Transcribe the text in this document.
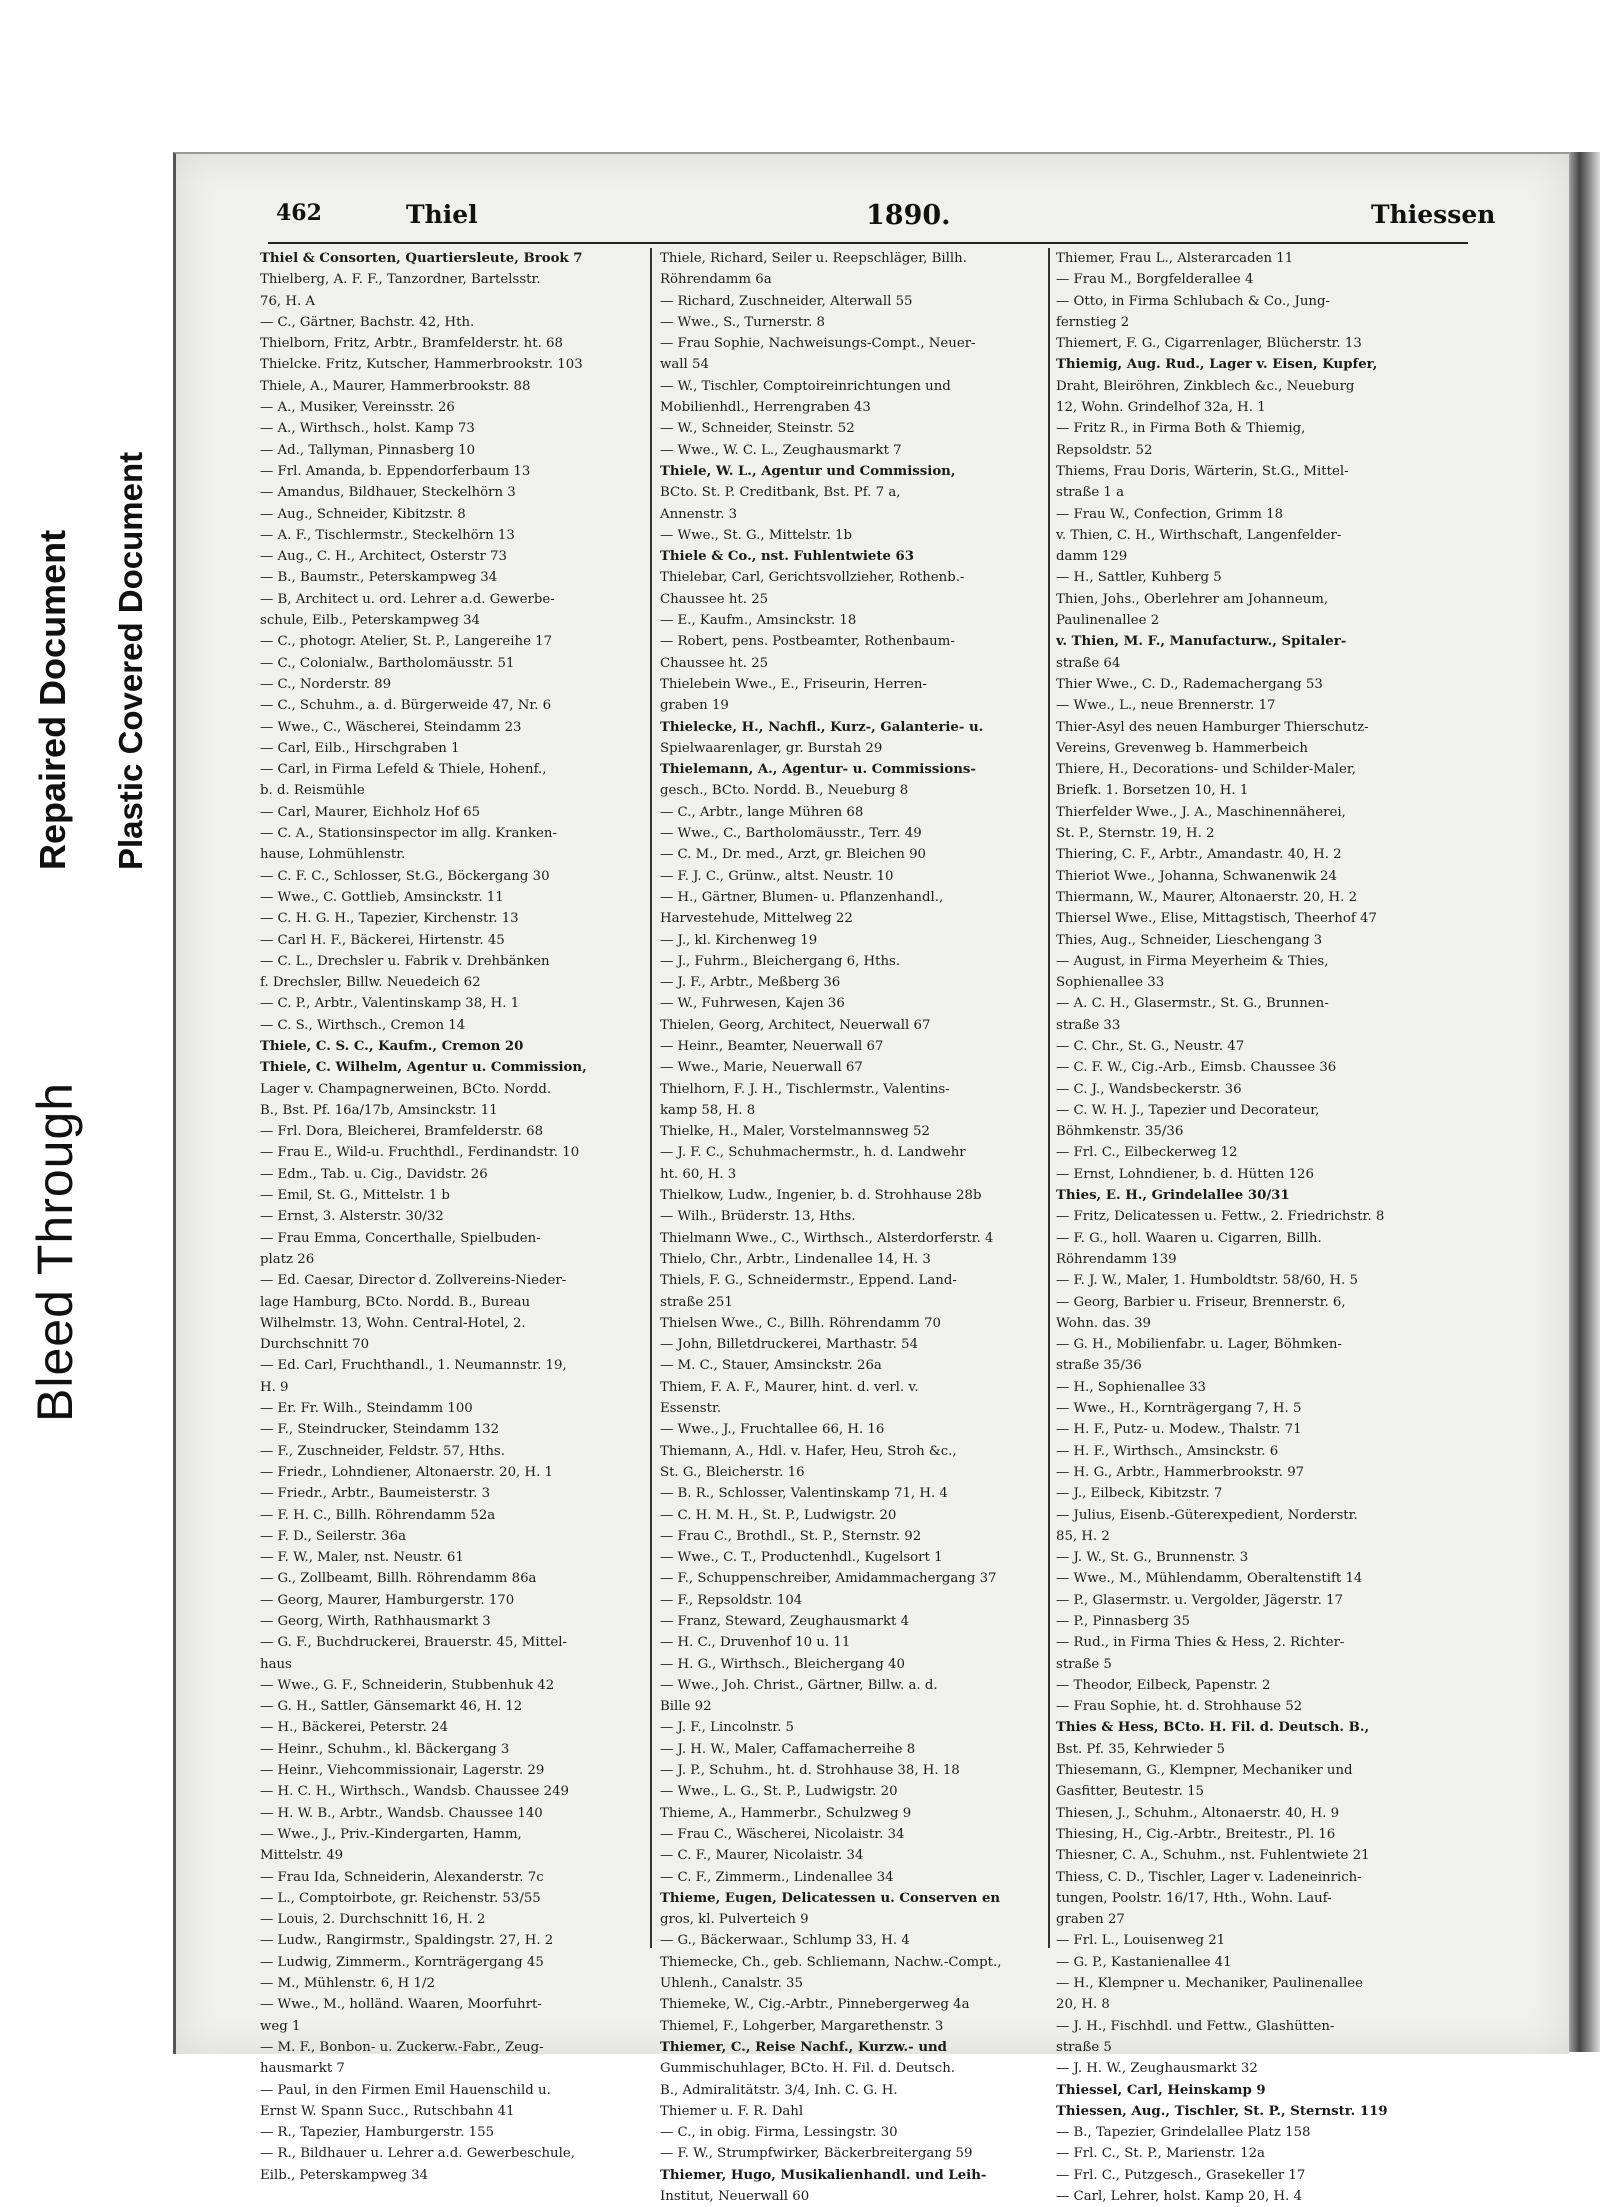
Bleed Through
Repaired Document Plastic Covered Document
462	Thiel	1890.	Thiessen
Thiel & Consorten, Quartiersleute, Brook 7
Thielberg, A. F. F., Tanzordner, Bartelsstr.
76, H. A
— C., Gärtner, Bachstr. 42, Hth.
Thielborn, Fritz, Arbtr., Bramfelderstr. ht. 68
Thielcke. Fritz, Kutscher, Hammerbrookstr. 103
Thiele, A., Maurer, Hammerbrookstr. 88
— A., Musiker, Vereinsstr. 26
— A., Wirthsch., holst. Kamp 73
— Ad., Tallyman, Pinnasberg 10
— Frl. Amanda, b. Eppendorferbaum 13
— Amandus, Bildhauer, Steckelhörn 3
— Aug., Schneider, Kibitzstr. 8
— A. F., Tischlermstr., Steckelhörn 13
— Aug., C. H., Architect, Osterstr 73
— B., Baumstr., Peterskampweg 34
— B, Architect u. ord. Lehrer a.d. Gewerbe-
schule, Eilb., Peterskampweg 34
— C., photogr. Atelier, St. P., Langereihe 17
— C., Colonialw., Bartholomäusstr. 51
— C., Norderstr. 89
— C., Schuhm., a. d. Bürgerweide 47, Nr. 6
— Wwe., C., Wäscherei, Steindamm 23
— Carl, Eilb., Hirschgraben 1
— Carl, in Firma Lefeld & Thiele, Hohenf.,
b. d. Reismühle
— Carl, Maurer, Eichholz Hof 65
— C. A., Stationsinspector im allg. Kranken-
hause, Lohmühlenstr.
— C. F. C., Schlosser, St.G., Böckergang 30
— Wwe., C. Gottlieb, Amsinckstr. 11
— C. H. G. H., Tapezier, Kirchenstr. 13
— Carl H. F., Bäckerei, Hirtenstr. 45
— C. L., Drechsler u. Fabrik v. Drehbänken
f. Drechsler, Billw. Neuedeich 62
— C. P., Arbtr., Valentinskamp 38, H. 1
— C. S., Wirthsch., Cremon 14
Thiele, C. S. C., Kaufm., Cremon 20
Thiele, C. Wilhelm, Agentur u. Commission,
Lager v. Champagnerweinen, BCto. Nordd.
B., Bst. Pf. 16a/17b, Amsinckstr. 11
— Frl. Dora, Bleicherei, Bramfelderstr. 68
— Frau E., Wild-u. Fruchthdl., Ferdinandstr. 10
— Edm., Tab. u. Cig., Davidstr. 26
— Emil, St. G., Mittelstr. 1 b
— Ernst, 3. Alsterstr. 30/32
— Frau Emma, Concerthalle, Spielbuden-
platz 26
— Ed. Caesar, Director d. Zollvereins-Nieder-
lage Hamburg, BCto. Nordd. B., Bureau
Wilhelmstr. 13, Wohn. Central-Hotel, 2.
Durchschnitt 70
— Ed. Carl, Fruchthandl., 1. Neumannstr. 19,
H. 9
— Er. Fr. Wilh., Steindamm 100
— F., Steindrucker, Steindamm 132
— F., Zuschneider, Feldstr. 57, Hths.
— Friedr., Lohndiener, Altonaerstr. 20, H. 1
— Friedr., Arbtr., Baumeisterstr. 3
— F. H. C., Billh. Röhrendamm 52a
— F. D., Seilerstr. 36a
— F. W., Maler, nst. Neustr. 61
— G., Zollbeamt, Billh. Röhrendamm 86a
— Georg, Maurer, Hamburgerstr. 170
— Georg, Wirth, Rathhausmarkt 3
— G. F., Buchdruckerei, Brauerstr. 45, Mittel-
haus
— Wwe., G. F., Schneiderin, Stubbenhuk 42
— G. H., Sattler, Gänsemarkt 46, H. 12
— H., Bäckerei, Peterstr. 24
— Heinr., Schuhm., kl. Bäckergang 3
— Heinr., Viehcommissionair, Lagerstr. 29
— H. C. H., Wirthsch., Wandsb. Chaussee 249
— H. W. B., Arbtr., Wandsb. Chaussee 140
— Wwe., J., Priv.-Kindergarten, Hamm,
Mittelstr. 49
— Frau Ida, Schneiderin, Alexanderstr. 7c
— L., Comptoirbote, gr. Reichenstr. 53/55
— Louis, 2. Durchschnitt 16, H. 2
— Ludw., Rangirmstr., Spaldingstr. 27, H. 2
— Ludwig, Zimmerm., Kornträgergang 45
— M., Mühlenstr. 6, H 1/2
— Wwe., M., holländ. Waaren, Moorfuhrt-
weg 1
— M. F., Bonbon- u. Zuckerw.-Fabr., Zeug-
hausmarkt 7
— Paul, in den Firmen Emil Hauenschild u.
Ernst W. Spann Succ., Rutschbahn 41
— R., Tapezier, Hamburgerstr. 155
— R., Bildhauer u. Lehrer a.d. Gewerbeschule,
Eilb., Peterskampweg 34
Thiele, Richard, Seiler u. Reepschläger, Billh.
Röhrendamm 6a
— Richard, Zuschneider, Alterwall 55
— Wwe., S., Turnerstr. 8
— Frau Sophie, Nachweisungs-Compt., Neuer-
wall 54
— W., Tischler, Comptoireinrichtungen und
Mobilienhdl., Herrengraben 43
— W., Schneider, Steinstr. 52
— Wwe., W. C. L., Zeughausmarkt 7
Thiele, W. L., Agentur und Commission,
BCto. St. P. Creditbank, Bst. Pf. 7 a,
Annenstr. 3
— Wwe., St. G., Mittelstr. 1b
Thiele & Co., nst. Fuhlentwiete 63
Thielebar, Carl, Gerichtsvollzieher, Rothenb.-
Chaussee ht. 25
— E., Kaufm., Amsinckstr. 18
— Robert, pens. Postbeamter, Rothenbaum-
Chaussee ht. 25
Thielebein Wwe., E., Friseurin, Herren-
graben 19
Thielecke, H., Nachfl., Kurz-, Galanterie- u.
Spielwaarenlager, gr. Burstah 29
Thielemann, A., Agentur- u. Commissions-
gesch., BCto. Nordd. B., Neueburg 8
— C., Arbtr., lange Mühren 68
— Wwe., C., Bartholomäusstr., Terr. 49
— C. M., Dr. med., Arzt, gr. Bleichen 90
— F. J. C., Grünw., altst. Neustr. 10
— H., Gärtner, Blumen- u. Pflanzenhandl.,
Harvestehude, Mittelweg 22
— J., kl. Kirchenweg 19
— J., Fuhrm., Bleichergang 6, Hths.
— J. F., Arbtr., Meßberg 36
— W., Fuhrwesen, Kajen 36
Thielen, Georg, Architect, Neuerwall 67
— Heinr., Beamter, Neuerwall 67
— Wwe., Marie, Neuerwall 67
Thielhorn, F. J. H., Tischlermstr., Valentins-
kamp 58, H. 8
Thielke, H., Maler, Vorstelmannsweg 52
— J. F. C., Schuhmachermstr., h. d. Landwehr
ht. 60, H. 3
Thielkow, Ludw., Ingenier, b. d. Strohhause 28b
— Wilh., Brüderstr. 13, Hths.
Thielmann Wwe., C., Wirthsch., Alsterdorferstr. 4
Thielo, Chr., Arbtr., Lindenallee 14, H. 3
Thiels, F. G., Schneidermstr., Eppend. Land-
straße 251
Thielsen Wwe., C., Billh. Röhrendamm 70
— John, Billetdruckerei, Marthastr. 54
— M. C., Stauer, Amsinckstr. 26a
Thiem, F. A. F., Maurer, hint. d. verl. v.
Essenstr.
— Wwe., J., Fruchtallee 66, H. 16
Thiemann, A., Hdl. v. Hafer, Heu, Stroh &c.,
St. G., Bleicherstr. 16
— B. R., Schlosser, Valentinskamp 71, H. 4
— C. H. M. H., St. P., Ludwigstr. 20
— Frau C., Brothdl., St. P., Sternstr. 92
— Wwe., C. T., Productenhdl., Kugelsort 1
— F., Schuppenschreiber, Amidammachergang 37
— F., Repsoldstr. 104
— Franz, Steward, Zeughausmarkt 4
— H. C., Druvenhof 10 u. 11
— H. G., Wirthsch., Bleichergang 40
— Wwe., Joh. Christ., Gärtner, Billw. a. d.
Bille 92
— J. F., Lincolnstr. 5
— J. H. W., Maler, Caffamacherreihe 8
— J. P., Schuhm., ht. d. Strohhause 38, H. 18
— Wwe., L. G., St. P., Ludwigstr. 20
Thieme, A., Hammerbr., Schulzweg 9
— Frau C., Wäscherei, Nicolaistr. 34
— C. F., Maurer, Nicolaistr. 34
— C. F., Zimmerm., Lindenallee 34
Thieme, Eugen, Delicatessen u. Conserven en
gros, kl. Pulverteich 9
— G., Bäckerwaar., Schlump 33, H. 4
Thiemecke, Ch., geb. Schliemann, Nachw.-Compt.,
Uhlenh., Canalstr. 35
Thiemeke, W., Cig.-Arbtr., Pinnebergerweg 4a
Thiemel, F., Lohgerber, Margarethenstr. 3
Thiemer, C., Reise Nachf., Kurzw.- und
Gummischuhlager, BCto. H. Fil. d. Deutsch.
B., Admiralitätstr. 3/4, Inh. C. G. H.
Thiemer u. F. R. Dahl
— C., in obig. Firma, Lessingstr. 30
— F. W., Strumpfwirker, Bäckerbreitergang 59
Thiemer, Hugo, Musikalienhandl. und Leih-
Institut, Neuerwall 60
Thiemer, Frau L., Alsterarcaden 11
— Frau M., Borgfelderallee 4
— Otto, in Firma Schlubach & Co., Jung-
fernstieg 2
Thiemert, F. G., Cigarrenlager, Blücherstr. 13
Thiemig, Aug. Rud., Lager v. Eisen, Kupfer,
Draht, Bleiröhren, Zinkblech &c., Neueburg
12, Wohn. Grindelhof 32a, H. 1
— Fritz R., in Firma Both & Thiemig,
Repsoldstr. 52
Thiems, Frau Doris, Wärterin, St.G., Mittel-
straße 1 a
— Frau W., Confection, Grimm 18
v. Thien, C. H., Wirthschaft, Langenfelder-
damm 129
— H., Sattler, Kuhberg 5
Thien, Johs., Oberlehrer am Johanneum,
Paulinenallee 2
v. Thien, M. F., Manufacturw., Spitaler-
straße 64
Thier Wwe., C. D., Rademachergang 53
— Wwe., L., neue Brennerstr. 17
Thier-Asyl des neuen Hamburger Thierschutz-
Vereins, Grevenweg b. Hammerbeich
Thiere, H., Decorations- und Schilder-Maler,
Briefk. 1. Borsetzen 10, H. 1
Thierfelder Wwe., J. A., Maschinennäherei,
St. P., Sternstr. 19, H. 2
Thiering, C. F., Arbtr., Amandastr. 40, H. 2
Thieriot Wwe., Johanna, Schwanenwik 24
Thiermann, W., Maurer, Altonaerstr. 20, H. 2
Thiersel Wwe., Elise, Mittagstisch, Theerhof 47
Thies, Aug., Schneider, Lieschengang 3
— August, in Firma Meyerheim & Thies,
Sophienallee 33
— A. C. H., Glasermstr., St. G., Brunnen-
straße 33
— C. Chr., St. G., Neustr. 47
— C. F. W., Cig.-Arb., Eimsb. Chaussee 36
— C. J., Wandsbeckerstr. 36
— C. W. H. J., Tapezier und Decorateur,
Böhmkenstr. 35/36
— Frl. C., Eilbeckerweg 12
— Ernst, Lohndiener, b. d. Hütten 126
Thies, E. H., Grindelallee 30/31
— Fritz, Delicatessen u. Fettw., 2. Friedrichstr. 8
— F. G., holl. Waaren u. Cigarren, Billh.
Röhrendamm 139
— F. J. W., Maler, 1. Humboldtstr. 58/60, H. 5
— Georg, Barbier u. Friseur, Brennerstr. 6,
Wohn. das. 39
— G. H., Mobilienfabr. u. Lager, Böhmken-
straße 35/36
— H., Sophienallee 33
— Wwe., H., Kornträgergang 7, H. 5
— H. F., Putz- u. Modew., Thalstr. 71
— H. F., Wirthsch., Amsinckstr. 6
— H. G., Arbtr., Hammerbrookstr. 97
— J., Eilbeck, Kibitzstr. 7
— Julius, Eisenb.-Güterexpedient, Norderstr.
85, H. 2
— J. W., St. G., Brunnenstr. 3
— Wwe., M., Mühlendamm, Oberaltenstift 14
— P., Glasermstr. u. Vergolder, Jägerstr. 17
— P., Pinnasberg 35
— Rud., in Firma Thies & Hess, 2. Richter-
straße 5
— Theodor, Eilbeck, Papenstr. 2
— Frau Sophie, ht. d. Strohhause 52
Thies & Hess, BCto. H. Fil. d. Deutsch. B.,
Bst. Pf. 35, Kehrwieder 5
Thiesemann, G., Klempner, Mechaniker und
Gasfitter, Beutestr. 15
Thiesen, J., Schuhm., Altonaerstr. 40, H. 9
Thiesing, H., Cig.-Arbtr., Breitestr., Pl. 16
Thiesner, C. A., Schuhm., nst. Fuhlentwiete 21
Thiess, C. D., Tischler, Lager v. Ladeneinrich-
tungen, Poolstr. 16/17, Hth., Wohn. Lauf-
graben 27
— Frl. L., Louisenweg 21
— G. P., Kastanienallee 41
— H., Klempner u. Mechaniker, Paulinenallee
20, H. 8
— J. H., Fischhdl. und Fettw., Glashütten-
straße 5
— J. H. W., Zeughausmarkt 32
Thiessel, Carl, Heinskamp 9
Thiessen, Aug., Tischler, St. P., Sternstr. 119
— B., Tapezier, Grindelallee Platz 158
— Frl. C., St. P., Marienstr. 12a
— Frl. C., Putzgesch., Grasekeller 17
— Carl, Lehrer, holst. Kamp 20, H. 4
